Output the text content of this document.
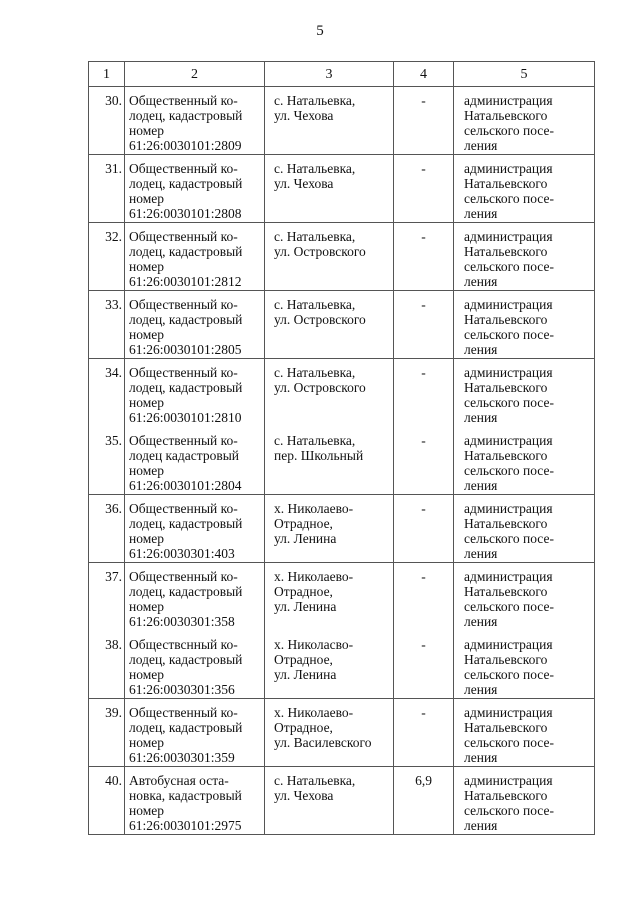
5
1	2	3	4	5
30.	Общественный ко-
лодец, кадастровый
номер
61:26:0030101:2809	с. Натальевка,
ул. Чехова	-	администрация
Натальевского
сельского посе-
ления

31.	Общественный ко-
лодец, кадастровый
номер
61:26:0030101:2808	с. Натальевка,
ул. Чехова	-	администрация
Натальевского
сельского посе-
ления

32.	Общественный ко-
лодец, кадастровый
номер
61:26:0030101:2812	с. Натальевка,
ул. Островского	-	администрация
Натальевского
сельского посе-
ления

33.	Общественный ко-
лодец, кадастровый
номер
61:26:0030101:2805	с. Натальевка,
ул. Островского	-	администрация
Натальевского
сельского посе-
ления

34.	Общественный ко-
лодец, кадастровый
номер
61:26:0030101:2810	с. Натальевка,
ул. Островского	-	администрация
Натальевского
сельского посе-
ления

35.	Общественный ко-
лодец кадастровый
номер
61:26:0030101:2804	с. Натальевка,
пер. Школьный	-	администрация
Натальевского
сельского посе-
ления

36.	Общественный ко-
лодец, кадастровый
номер
61:26:0030301:403	х. Николаево-
Отрадное,
ул. Ленина	-	администрация
Натальевского
сельского посе-
ления

37.	Общественный ко-
лодец, кадастровый
номер
61:26:0030301:358	х. Николаево-
Отрадное,
ул. Ленина	-	администрация
Натальевского
сельского посе-
ления

38.	Обществснный ко-
лодец, кадастровый
номер
61:26:0030301:356	х. Николасво-
Отрадное,
ул. Ленина	-	администрация
Натальевского
сельского посе-
ления

39.	Общественный ко-
лодец, кадастровый
номер
61:26:0030301:359	х. Николаево-
Отрадное,
ул. Василевского	-	администрация
Натальевского
сельского посе-
ления

40.	Автобусная оста-
новка, кадастровый
номер
61:26:0030101:2975	с. Натальевка,
ул. Чехова	6,9	администрация
Натальевского
сельского посе-
ления
